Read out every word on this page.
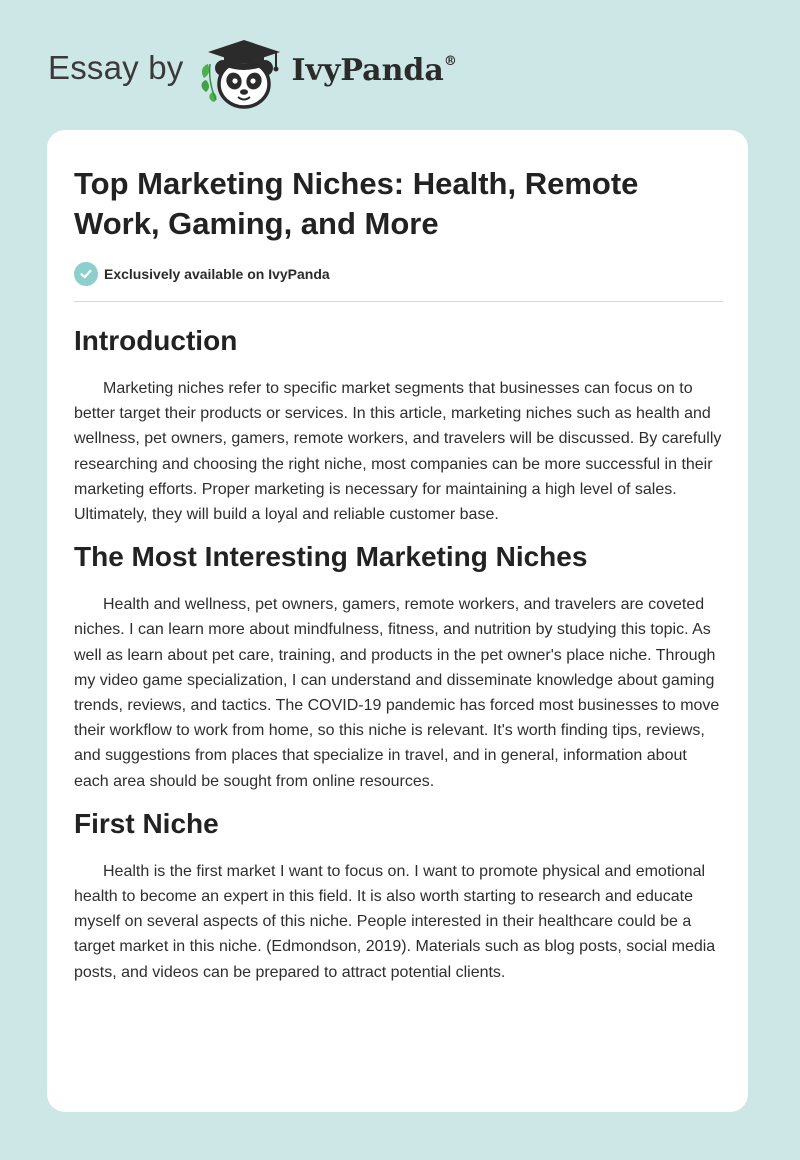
Essay by	IvyPanda®
Top Marketing Niches: Health, Remote Work, Gaming, and More
Exclusively available on IvyPanda
Introduction

Marketing niches refer to specific market segments that businesses can focus on to better target their products or services. In this article, marketing niches such as health and wellness, pet owners, gamers, remote workers, and travelers will be discussed. By carefully researching and choosing the right niche, most companies can be more successful in their marketing efforts. Proper marketing is necessary for maintaining a high level of sales. Ultimately, they will build a loyal and reliable customer base.

The Most Interesting Marketing Niches

Health and wellness, pet owners, gamers, remote workers, and travelers are coveted niches. I can learn more about mindfulness, fitness, and nutrition by studying this topic. As well as learn about pet care, training, and products in the pet owner's place niche. Through my video game specialization, I can understand and disseminate knowledge about gaming trends, reviews, and tactics. The COVID-19 pandemic has forced most businesses to move their workflow to work from home, so this niche is relevant. It's worth finding tips, reviews, and suggestions from places that specialize in travel, and in general, information about each area should be sought from online resources.

First Niche

Health is the first market I want to focus on. I want to promote physical and emotional health to become an expert in this field. It is also worth starting to research and educate myself on several aspects of this niche. People interested in their healthcare could be a target market in this niche. (Edmondson, 2019). Materials such as blog posts, social media posts, and videos can be prepared to attract potential clients.
